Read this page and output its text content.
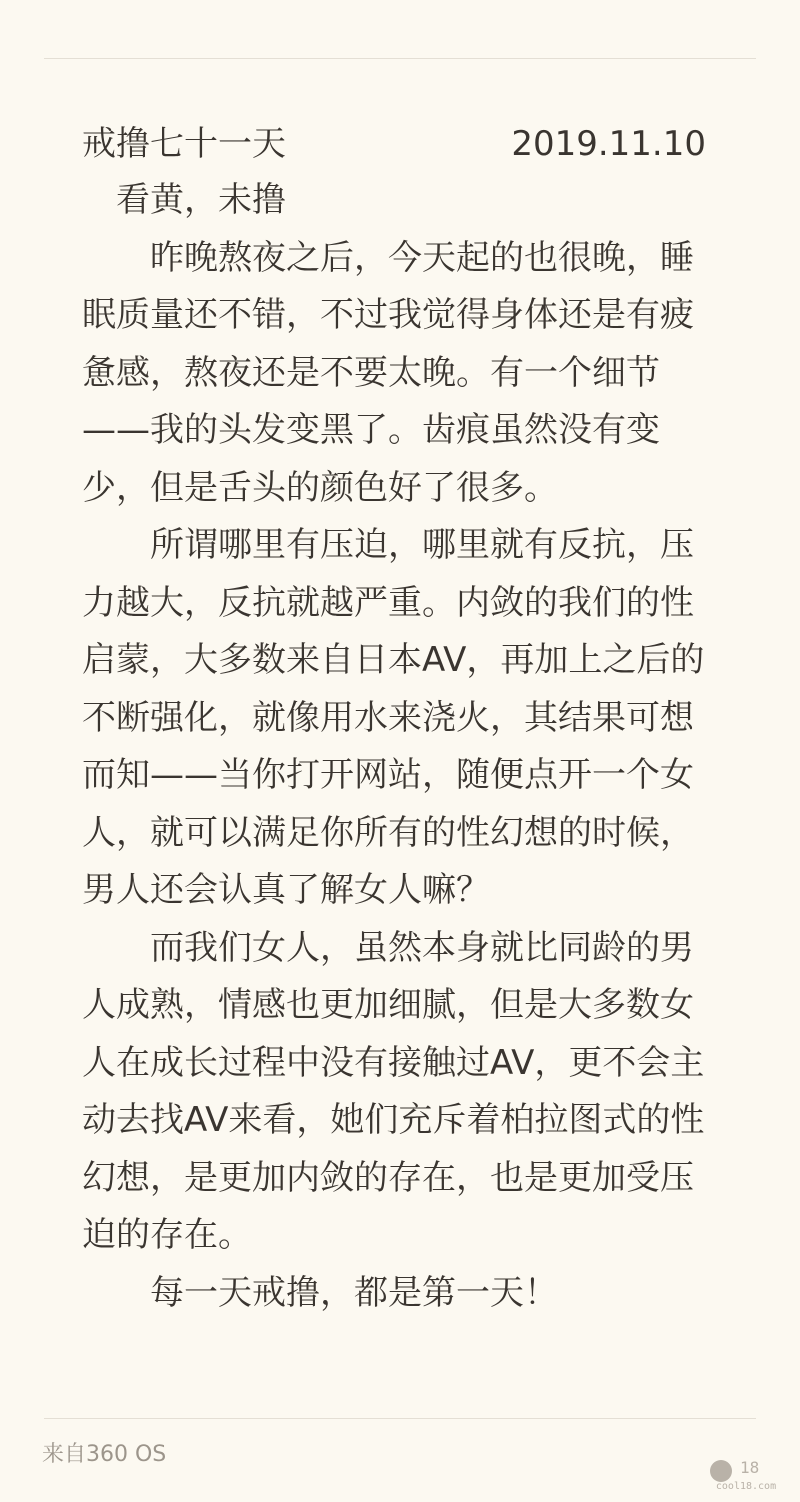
戒撸七十一天	2019.11.10

看黄，未撸

昨晚熬夜之后，今天起的也很晚，睡眠质量还不错，不过我觉得身体还是有疲惫感，熬夜还是不要太晚。有一个细节——我的头发变黑了。齿痕虽然没有变少，但是舌头的颜色好了很多。

所谓哪里有压迫，哪里就有反抗，压力越大，反抗就越严重。内敛的我们的性启蒙，大多数来自日本AV，再加上之后的不断强化，就像用水来浇火，其结果可想而知——当你打开网站，随便点开一个女人，就可以满足你所有的性幻想的时候，男人还会认真了解女人嘛？

而我们女人，虽然本身就比同龄的男人成熟，情感也更加细腻，但是大多数女人在成长过程中没有接触过AV，更不会主动去找AV来看，她们充斥着柏拉图式的性幻想，是更加内敛的存在，也是更加受压迫的存在。

每一天戒撸，都是第一天！

来自360 OS
18
cool18.com
